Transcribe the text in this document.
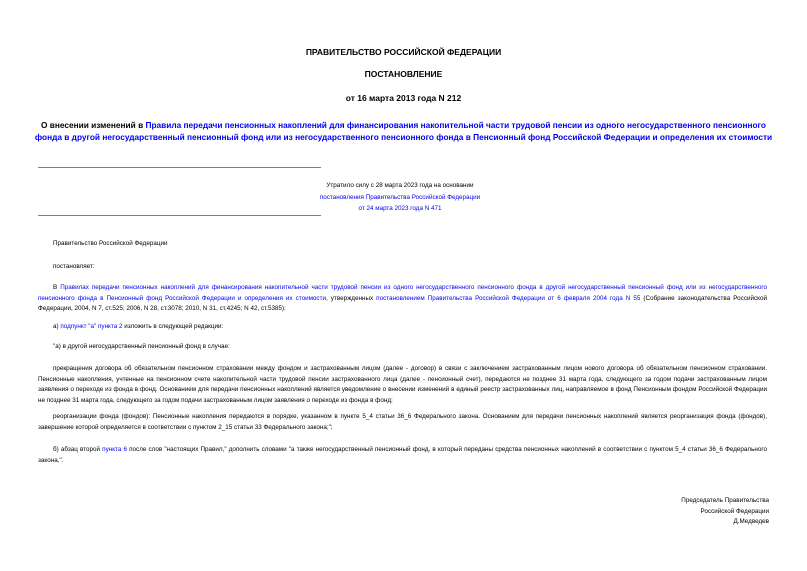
ПРАВИТЕЛЬСТВО РОССИЙСКОЙ ФЕДЕРАЦИИ
ПОСТАНОВЛЕНИЕ
от 16 марта 2013 года N 212
О внесении изменений в Правила передачи пенсионных накоплений для финансирования накопительной части трудовой пенсии из одного негосударственного пенсионного фонда в другой негосударственный пенсионный фонд или из негосударственного пенсионного фонда в Пенсионный фонд Российской Федерации и определения их стоимости
Утратило силу с 28 марта 2023 года на основании
постановления Правительства Российской Федерации
от 24 марта 2023 года N 471
Правительство Российской Федерации
постановляет:
В Правилах передачи пенсионных накоплений для финансирования накопительной части трудовой пенсии из одного негосударственного пенсионного фонда в другой негосударственный пенсионный фонд или из негосударственного пенсионного фонда в Пенсионный фонд Российской Федерации и определения их стоимости, утвержденных постановлением Правительства Российской Федерации от 6 февраля 2004 года N 55 (Собрание законодательства Российской Федерации, 2004, N 7, ст.525; 2006, N 28, ст.3078; 2010, N 31, ст.4245; N 42, ст.5385):
а) подпункт "а" пункта 2 изложить в следующей редакции:
"а) в другой негосударственный пенсионный фонд в случае:
прекращения договора об обязательном пенсионном страховании между фондом и застрахованным лицом (далее - договор) в связи с заключением застрахованным лицом нового договора об обязательном пенсионном страховании. Пенсионные накопления, учтенные на пенсионном счете накопительной части трудовой пенсии застрахованного лица (далее - пенсионный счет), передаются не позднее 31 марта года, следующего за годом подачи застрахованным лицом заявления о переходе из фонда в фонд. Основанием для передачи пенсионных накоплений является уведомление о внесении изменений в единый реестр застрахованных лиц, направляемое в фонд Пенсионным фондом Российской Федерации не позднее 31 марта года, следующего за годом подачи застрахованным лицом заявления о переходе из фонда в фонд;
реорганизации фонда (фондов): Пенсионные накопления передаются в порядке, указанном в пункте 5_4 статьи 36_6 Федерального закона. Основанием для передачи пенсионных накоплений является реорганизация фонда (фондов), завершение которой определяется в соответствии с пунктом 2_15 статьи 33 Федерального закона;";
б) абзац второй пункта 6 после слов "настоящих Правил," дополнить словами "а также негосударственный пенсионный фонд, в который переданы средства пенсионных накоплений в соответствии с пунктом 5_4 статьи 36_6 Федерального закона,".
Председатель Правительства
Российской Федерации
Д.Медведев
